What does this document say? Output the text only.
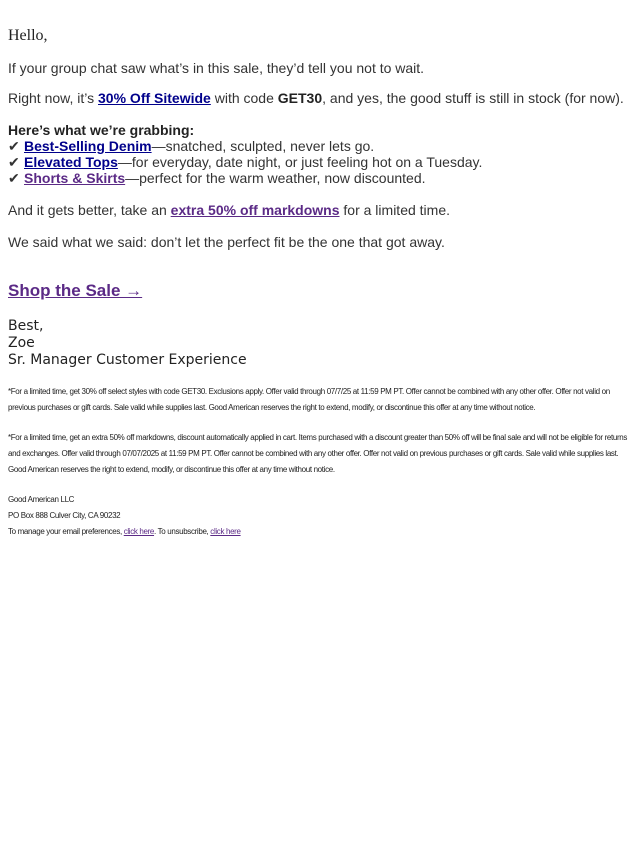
Hello,
If your group chat saw what’s in this sale, they’d tell you not to wait.
Right now, it’s 30% Off Sitewide with code GET30, and yes, the good stuff is still in stock (for now).
Here’s what we’re grabbing:
✔ Best-Selling Denim—snatched, sculpted, never lets go.
✔ Elevated Tops—for everyday, date night, or just feeling hot on a Tuesday.
✔ Shorts & Skirts—perfect for the warm weather, now discounted.
And it gets better, take an extra 50% off markdowns for a limited time.
We said what we said: don’t let the perfect fit be the one that got away.
Shop the Sale →
Best,
Zoe
Sr. Manager Customer Experience
*For a limited time, get 30% off select styles with code GET30. Exclusions apply. Offer valid through 07/7/25 at 11:59 PM PT. Offer cannot be combined with any other offer. Offer not valid on previous purchases or gift cards. Sale valid while supplies last. Good American reserves the right to extend, modify, or discontinue this offer at any time without notice.
*For a limited time, get an extra 50% off markdowns, discount automatically applied in cart. Items purchased with a discount greater than 50% off will be final sale and will not be eligible for returns and exchanges. Offer valid through 07/07/2025 at 11:59 PM PT. Offer cannot be combined with any other offer. Offer not valid on previous purchases or gift cards. Sale valid while supplies last. Good American reserves the right to extend, modify, or discontinue this offer at any time without notice.
Good American LLC
PO Box 888 Culver City, CA 90232
To manage your email preferences, click here. To unsubscribe, click here
